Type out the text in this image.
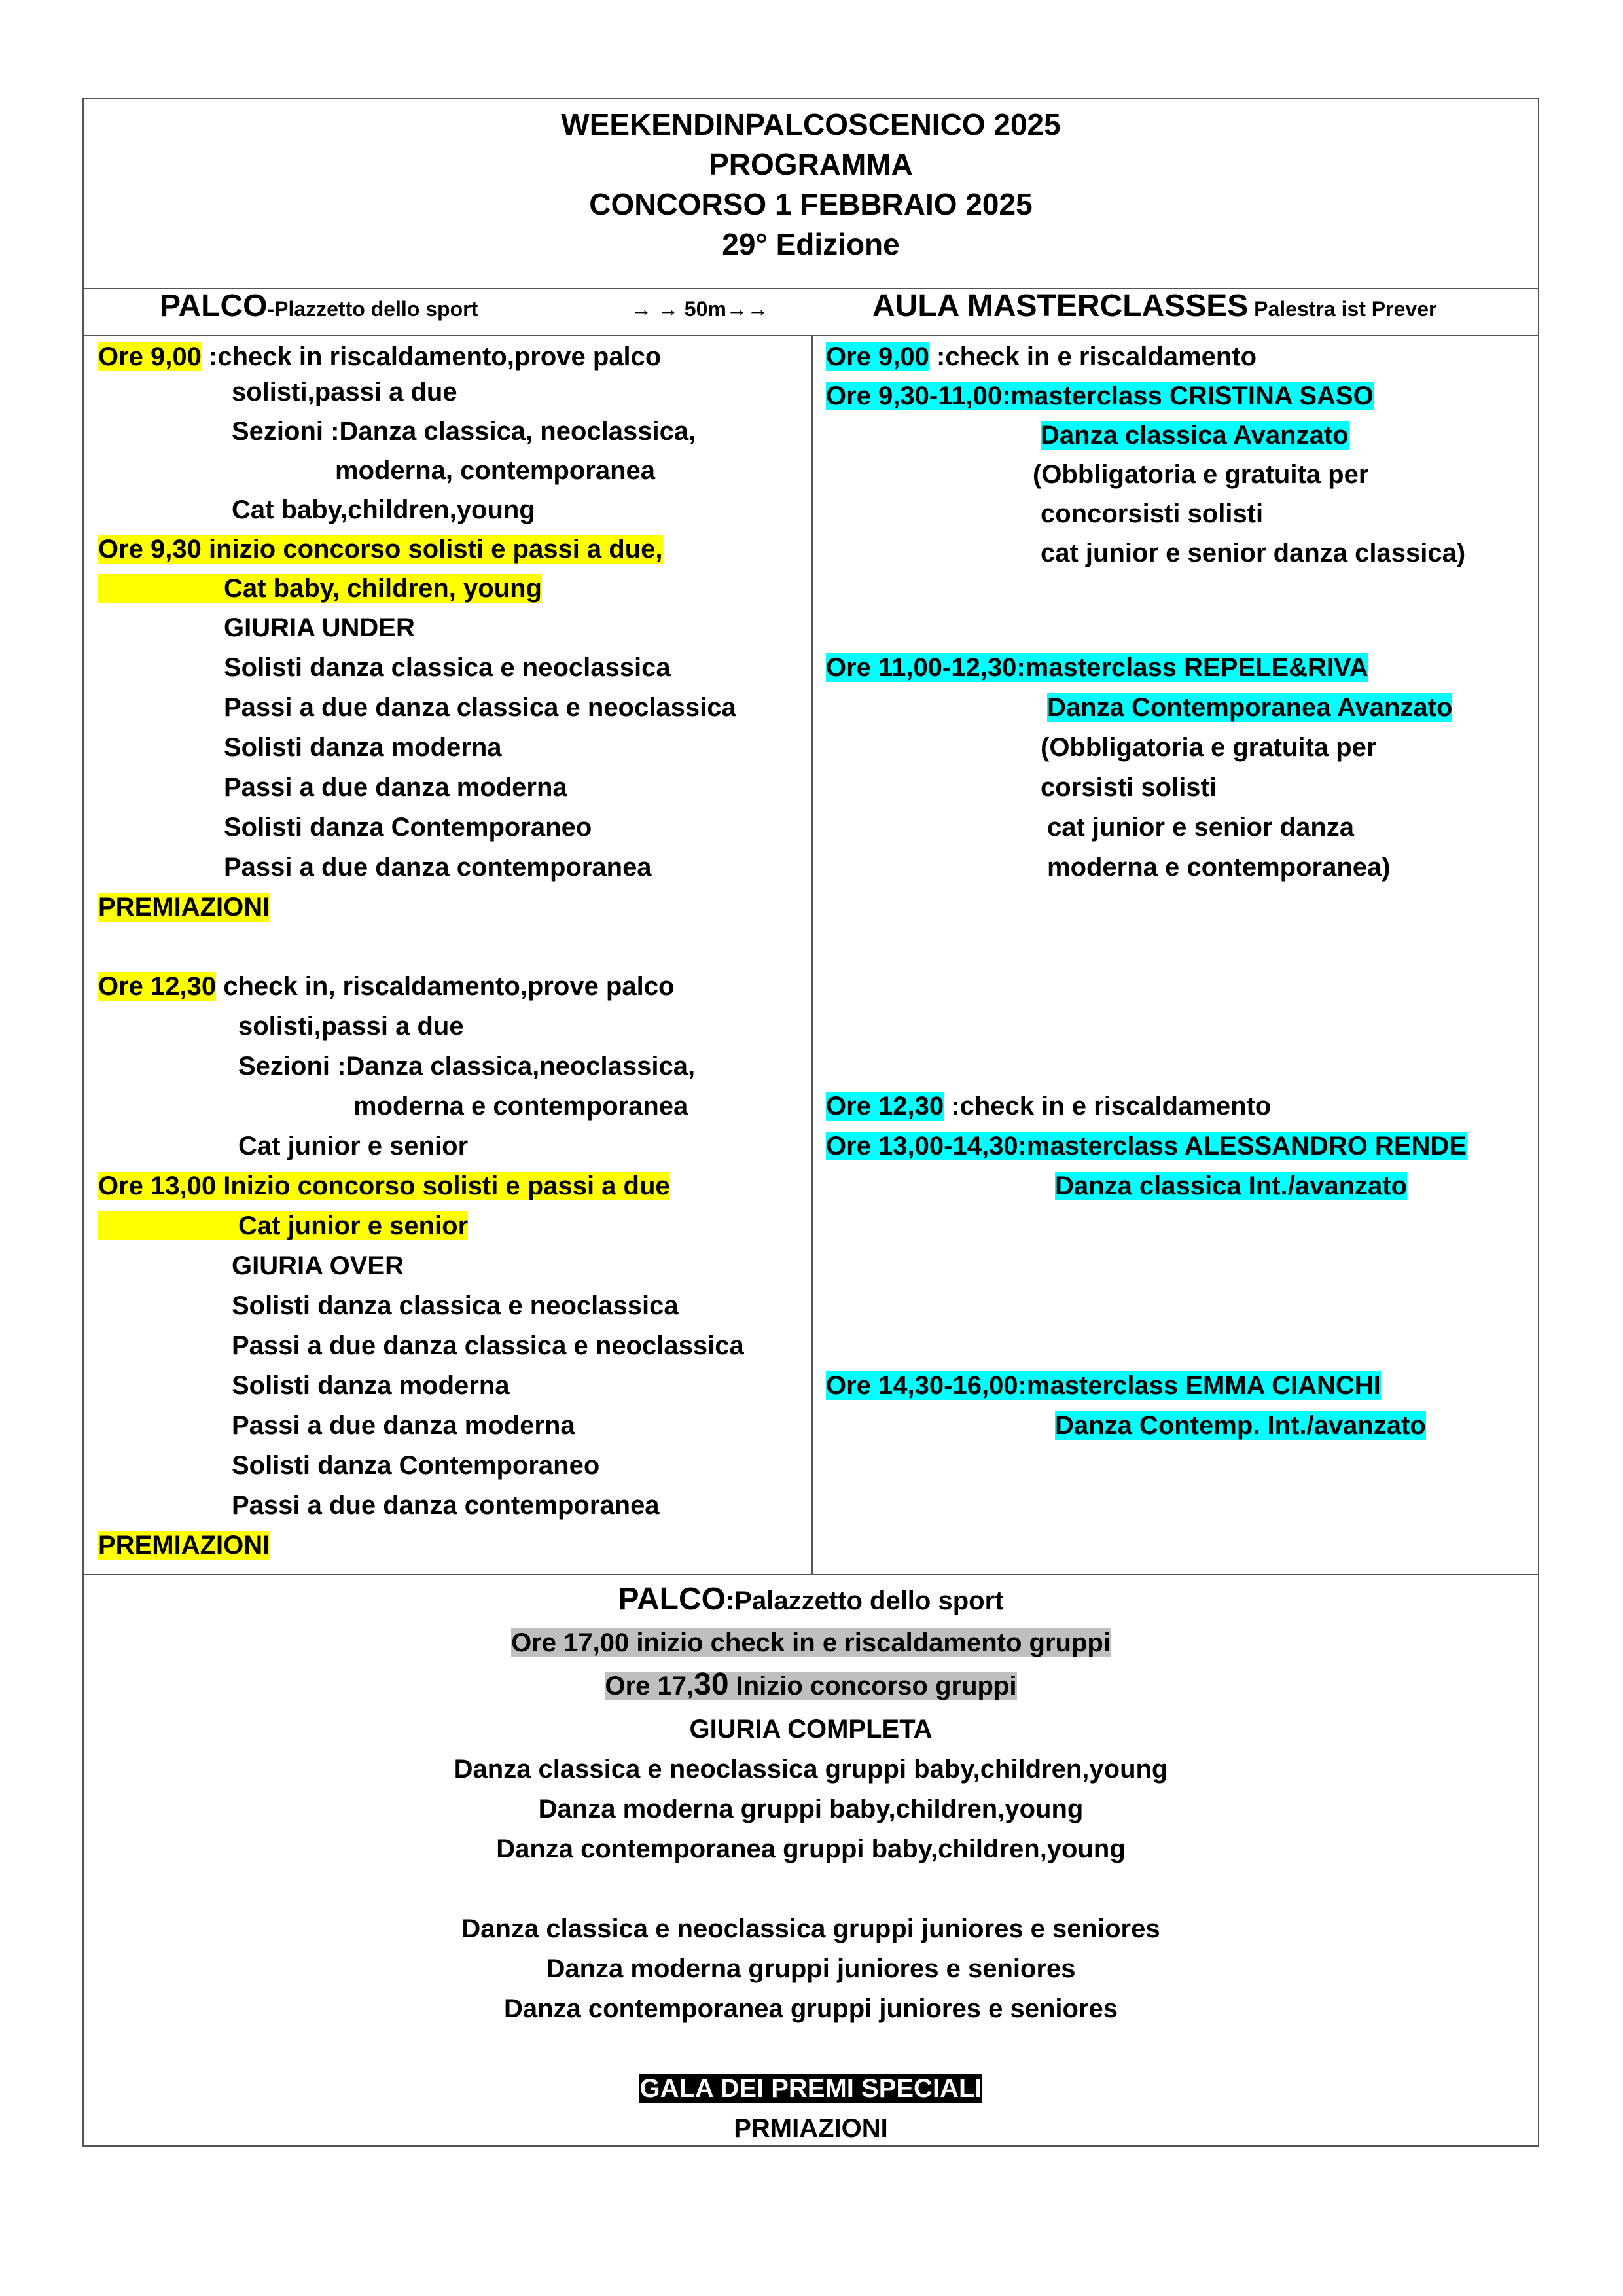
WEEKENDINPALCOSCENICO 2025
PROGRAMMA
CONCORSO 1 FEBBRAIO 2025
29° Edizione
PALCO-Plazzetto dello sport	→ → 50m→→	AULA MASTERCLASSES Palestra ist Prever
Ore 9,00 :check in riscaldamento,prove palco
solisti,passi a due
Sezioni :Danza classica, neoclassica,
moderna, contemporanea
Cat baby,children,young
Ore 9,30 inizio concorso solisti e passi a due,
Cat baby, children, young
GIURIA UNDER
Solisti danza classica e neoclassica
Passi a due danza classica e neoclassica
Solisti danza moderna
Passi a due danza moderna
Solisti danza Contemporaneo
Passi a due danza contemporanea
PREMIAZIONI
Ore 12,30 check in, riscaldamento,prove palco
solisti,passi a due
Sezioni :Danza classica,neoclassica,
moderna e contemporanea
Cat junior e senior
Ore 13,00 Inizio concorso solisti e passi a due
Cat junior e senior
GIURIA OVER
Solisti danza classica e neoclassica
Passi a due danza classica e neoclassica
Solisti danza moderna
Passi a due danza moderna
Solisti danza Contemporaneo
Passi a due danza contemporanea
PREMIAZIONI
Ore 9,00 :check in e riscaldamento
Ore 9,30-11,00:masterclass CRISTINA SASO
Danza classica Avanzato
(Obbligatoria e gratuita per
concorsisti solisti
cat junior e senior danza classica)
Ore 11,00-12,30:masterclass REPELE&RIVA
Danza Contemporanea Avanzato
(Obbligatoria e gratuita per
corsisti solisti
cat junior e senior danza
moderna e contemporanea)
Ore 12,30 :check in e riscaldamento
Ore 13,00-14,30:masterclass ALESSANDRO RENDE
Danza classica Int./avanzato
Ore 14,30-16,00:masterclass EMMA CIANCHI
Danza Contemp. Int./avanzato
PALCO:Palazzetto dello sport
Ore 17,00 inizio check in e riscaldamento gruppi
Ore 17,30 Inizio concorso gruppi
GIURIA COMPLETA
Danza classica e neoclassica gruppi baby,children,young
Danza moderna gruppi baby,children,young
Danza contemporanea gruppi baby,children,young
Danza classica e neoclassica gruppi juniores e seniores
Danza moderna gruppi juniores e seniores
Danza contemporanea gruppi juniores e seniores
GALA DEI PREMI SPECIALI
PRMIAZIONI
